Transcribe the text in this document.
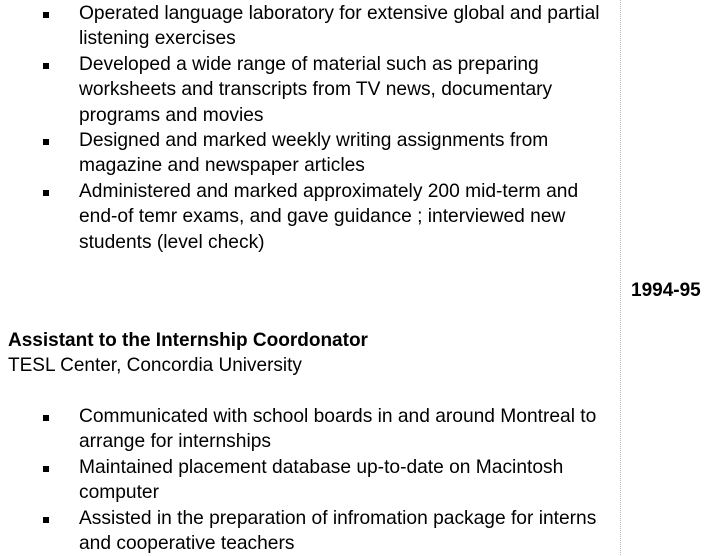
Operated language laboratory for extensive global and partial listening exercises
Developed a wide range of material such as preparing worksheets and transcripts from TV news, documentary programs and movies
Designed and marked weekly writing assignments from magazine and newspaper articles
Administered and marked approximately 200 mid-term and end-of temr exams, and gave guidance ; interviewed new students (level check)
1994-95
Assistant to the Internship Coordonator
TESL Center, Concordia University
Communicated with school boards in and around Montreal to arrange for internships
Maintained placement database up-to-date on Macintosh computer
Assisted in the preparation of infromation package for interns and cooperative teachers
